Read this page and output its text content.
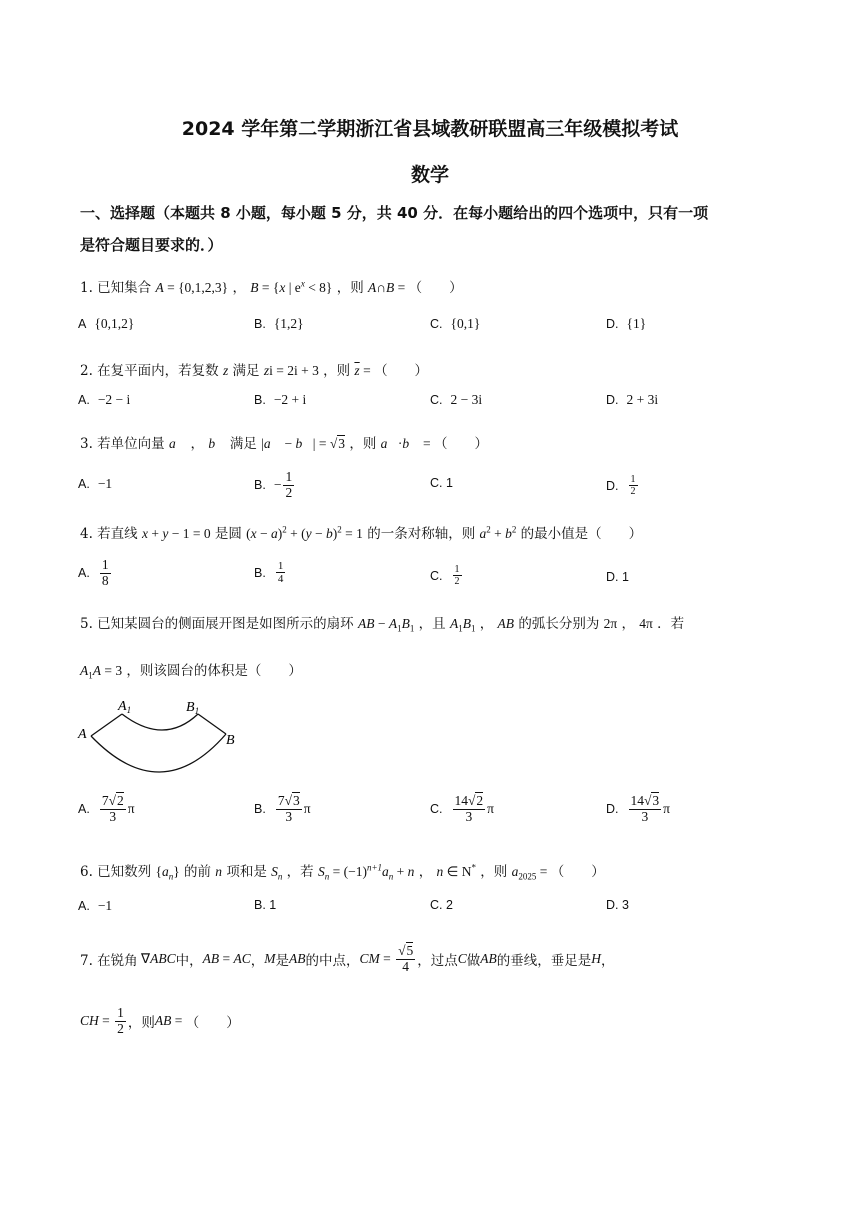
2024 学年第二学期浙江省县域教研联盟高三年级模拟考试
数学
一、选择题（本题共 8 小题，每小题 5 分，共 40 分．在每小题给出的四个选项中，只有一项
是符合题目要求的．）
1. 已知集合 A = {0,1,2,3} ， B = {x | $e^x < 8$} ，则 A∩B = （　　）
A {0,1,2}	B. {1,2}	C. {0,1}	D. {1}
2. 在复平面内，若复数 z 满足 zi = 2i + 3 ，则 $\overline{z}$ = （　　）
A. −2 − i	B. −2 + i	C. 2 − 3i	D. 2 + 3i
3. 若单位向量 a⃗ ， b⃗ 满足 |a⃗ − b⃗| = √3 ，则 a⃗·b⃗ = （　　）
A. −1	B. − $\frac{1}{2}$	C. 1	D. $\frac{1}{2}$
4. 若直线 x + y − 1 = 0 是圆 $(x - a)^2 + (y - b)^2 = 1$ 的一条对称轴，则 $a^2 + b^2$ 的最小值是（　　）
A. $\frac{1}{8}$	B. $\frac{1}{4}$	C. $\frac{1}{2}$	D. 1
5. 已知某圆台的侧面展开图是如图所示的扇环 AB − $A_1B_1$ ，且 $A_1B_1$ ， AB 的弧长分别为 2π ， 4π ．若
$A_1A = 3$ ，则该圆台的体积是（　　）
A
$A_1$	$B_1$
B
A. $\frac{7√2}{3}$ π	B. $\frac{7√3}{3}$ π	C. $\frac{14√2}{3}$ π	D. $\frac{14√3}{3}$ π
6. 已知数列 $\{a_n\}$ 的前 n 项和是 $S_n$ ，若 $S_n = (-1)^{n+1}a_n + n$ ， n ∈ N* ，则 $a_{2025}$ = （　　）
A. −1	B. 1	C. 2	D. 3
7. 在锐角 ∇ ABC 中， AB = AC ， M 是 AB 的中点， CM = $\frac{√5}{4}$ ，过点 C 做 AB 的垂线，垂足是 H ，
CH = $\frac{1}{2}$ ，则 AB = （　　）
